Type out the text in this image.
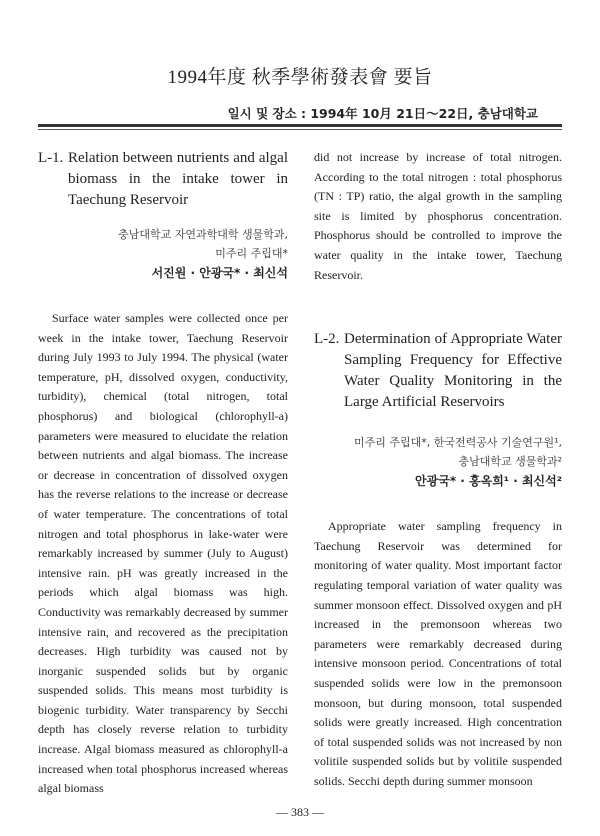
1994年度 秋季學術發表會 要旨
일시 및 장소 : 1994年 10月 21日～22日, 충남대학교
L-1. Relation between nutrients and algal biomass in the intake tower in Taechung Reservoir
충남대학교 자연과학대학 생물학과,
미주리 주립대*
서진원 · 안광국* · 최신석

Surface water samples were collected once per week in the intake tower, Taechung Reservoir during July 1993 to July 1994. The physical (water temperature, pH, dissolved oxygen, conductivity, turbidity), chemical (total nitrogen, total phosphorus) and biological (chlorophyll-a) parameters were measured to elucidate the relation between nutrients and algal biomass. The increase or decrease in concentration of dissolved oxygen has the reverse relations to the increase or decrease of water temperature. The concentrations of total nitrogen and total phosphorus in lake-water were remarkably increased by summer (July to August) intensive rain. pH was greatly increased in the periods which algal biomass was high. Conductivity was remarkably decreased by summer intensive rain, and recovered as the precipitation decreases. High turbidity was caused not by inorganic suspended solids but by organic suspended solids. This means most turbidity is biogenic turbidity. Water transparency by Secchi depth has closely reverse relation to turbidity increase. Algal biomass measured as chlorophyll-a increased when total phosphorus increased whereas algal biomass

did not increase by increase of total nitrogen. According to the total nitrogen : total phosphorus (TN : TP) ratio, the algal growth in the sampling site is limited by phosphorus concentration. Phosphorus should be controlled to improve the water quality in the intake tower, Taechung Reservoir.

L-2. Determination of Appropriate Water Sampling Frequency for Effective Water Quality Monitoring in the Large Artificial Reservoirs
미주리 주립대*, 한국전력공사 기술연구원¹,
충남대학교 생물학과²
안광국* · 홍옥희¹ · 최신석²

Appropriate water sampling frequency in Taechung Reservoir was determined for monitoring of water quality. Most important factor regulating temporal variation of water quality was summer monsoon effect. Dissolved oxygen and pH increased in the premonsoon whereas two parameters were remarkably decreased during intensive monsoon period. Concentrations of total suspended solids were low in the premonsoon monsoon, but during monsoon, total suspended solids were greatly increased. High concentration of total suspended solids was not increased by non volitile suspended solids but by volitile suspended solids. Secchi depth during summer monsoon

— 383 —
